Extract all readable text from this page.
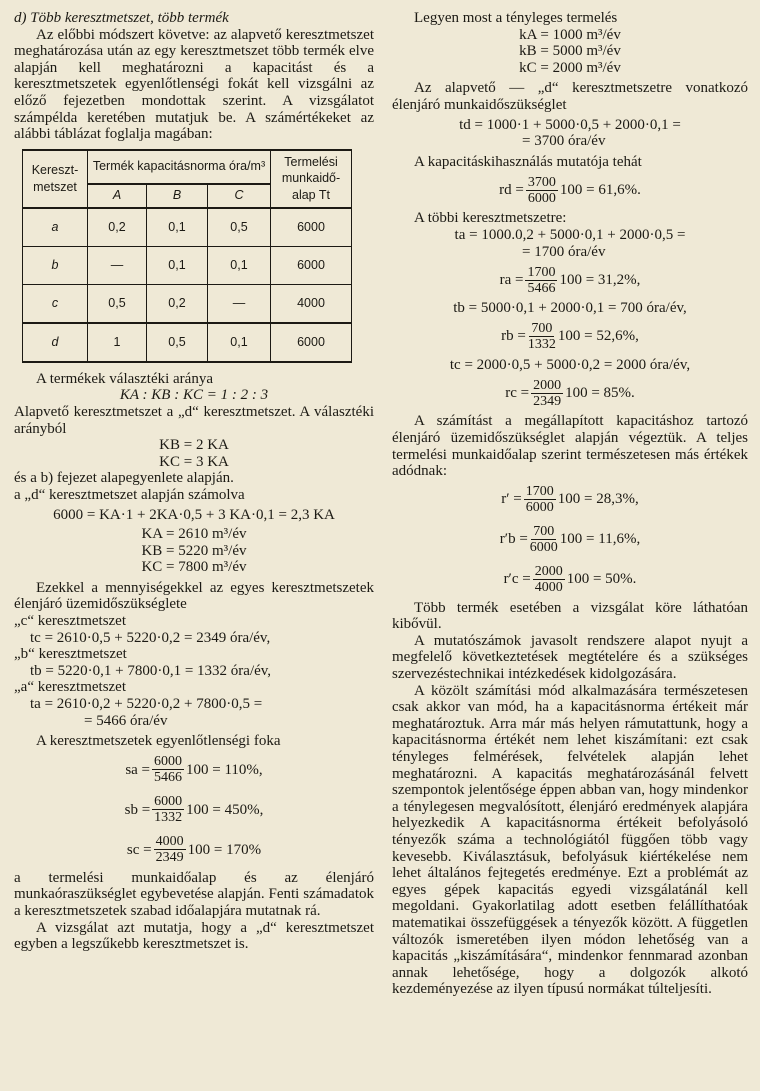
d) Több keresztmetszet, több termék

Az előbbi módszert követve: az alapvető keresztmetszet meghatározása után az egy keresztmetszet több termék elve alapján kell meghatározni a kapacitást és a keresztmetszetek egyenlőtlenségi fokát kell vizsgálni az előző fejezetben mondottak szerint. A vizsgálatot számpélda keretében mutatjuk be. A számértékeket az alábbi táblázat foglalja magában:

Kereszt-metszet	Termék kapacitásnorma óra/m³			Termelési munkaidő-alap Tt
	A	B	C	
a	0,2	0,1	0,5	6000
b	—	0,1	0,1	6000
c	0,5	0,2	—	4000
d	1	0,5	0,1	6000

A termékek választéki aránya

KA : KB : KC = 1 : 2 : 3

Alapvető keresztmetszet a „d“ keresztmetszet. A választéki arányból

KB = 2 KA

KC = 3 KA

és a b) fejezet alapegyenlete alapján.

a „d“ keresztmetszet alapján számolva

6000 = KA·1 + 2KA·0,5 + 3 KA·0,1 = 2,3 KA

KA = 2610 m³/év

KB = 5220 m³/év

KC = 7800 m³/év

Ezekkel a mennyiségekkel az egyes keresztmetszetek élenjáró üzemidőszükséglete

„c“ keresztmetszet

tc = 2610·0,5 + 5220·0,2 = 2349 óra/év,

„b“ keresztmetszet

tb = 5220·0,1 + 7800·0,1 = 1332 óra/év,

„a“ keresztmetszet

ta = 2610·0,2 + 5220·0,2 + 7800·0,5 =

= 5466 óra/év

A keresztmetszetek egyenlőtlenségi foka

sa = $\frac{6000}{5466} 100 = 110\%$,
sb = $\frac{6000}{1332} 100 = 450\%$,
sc = $\frac{4000}{2349} 100 = 170\%$

a termelési munkaidőalap és az élenjáró munkaóraszükséglet egybevetése alapján. Fenti számadatok a keresztmetszetek szabad időalapjára mutatnak rá.

A vizsgálat azt mutatja, hogy a „d“ keresztmetszet egyben a legszűkebb keresztmetszet is.

Legyen most a tényleges termelés

kA = 1000 m³/év

kB = 5000 m³/év

kC = 2000 m³/év

Az alapvető — „d“ keresztmetszetre vonatkozó élenjáró munkaidőszükséglet

td = 1000·1 + 5000·0,5 + 2000·0,1 =

= 3700 óra/év

A kapacitáskihasználás mutatója tehát

rd = $\frac{3700}{6000} 100 = 61,6\%$.

A többi keresztmetszetre:

ta = 1000.0,2 + 5000·0,1 + 2000·0,5 =

= 1700 óra/év

ra = $\frac{1700}{5466} 100 = 31,2\%$,

tb = 5000·0,1 + 2000·0,1 = 700 óra/év,

rb = $\frac{700}{1332} 100 = 52,6\%$,

tc = 2000·0,5 + 5000·0,2 = 2000 óra/év,

rc = $\frac{2000}{2349} 100 = 85\%$.

A számítást a megállapított kapacitáshoz tartozó élenjáró üzemidőszükséglet alapján végeztük. A teljes termelési munkaidőalap szerint természetesen más értékek adódnak:

$r' = \frac{1700}{6000} 100 = 28,3\%$,
$r'b = \frac{700}{6000} 100 = 11,6\%$,
$r'c = \frac{2000}{4000} 100 = 50\%$.

Több termék esetében a vizsgálat köre láthatóan kibővül.

A mutatószámok javasolt rendszere alapot nyujt a megfelelő következtetések megtételére és a szükséges szervezéstechnikai intézkedések kidolgozására.

A közölt számítási mód alkalmazására természetesen csak akkor van mód, ha a kapacitásnorma értékeit már meghatároztuk. Arra már más helyen rámutattunk, hogy a kapacitásnorma értékét nem lehet kiszámítani: ezt csak tényleges felmérések, felvételek alapján lehet meghatározni. A kapacitás meghatározásánál felvett szempontok jelentősége éppen abban van, hogy mindenkor a ténylegesen megvalósított, élenjáró eredmények alapjára helyezkedik A kapacitásnorma értékeit befolyásoló tényezők száma a technológiától függően több vagy kevesebb. Kiválasztásuk, befolyásuk kiértékelése nem lehet általános fejtegetés eredménye. Ezt a problémát az egyes gépek kapacitás egyedi vizsgálatánál kell megoldani. Gyakorlatilag adott esetben felállíthatóak matematikai összefüggések a tényezők között. A független változók ismeretében ilyen módon lehetőség van a kapacitás „kiszámítására“, mindenkor fennmarad azonban annak lehetősége, hogy a dolgozók alkotó kezdeményezése az ilyen típusú normákat túlteljesíti.
